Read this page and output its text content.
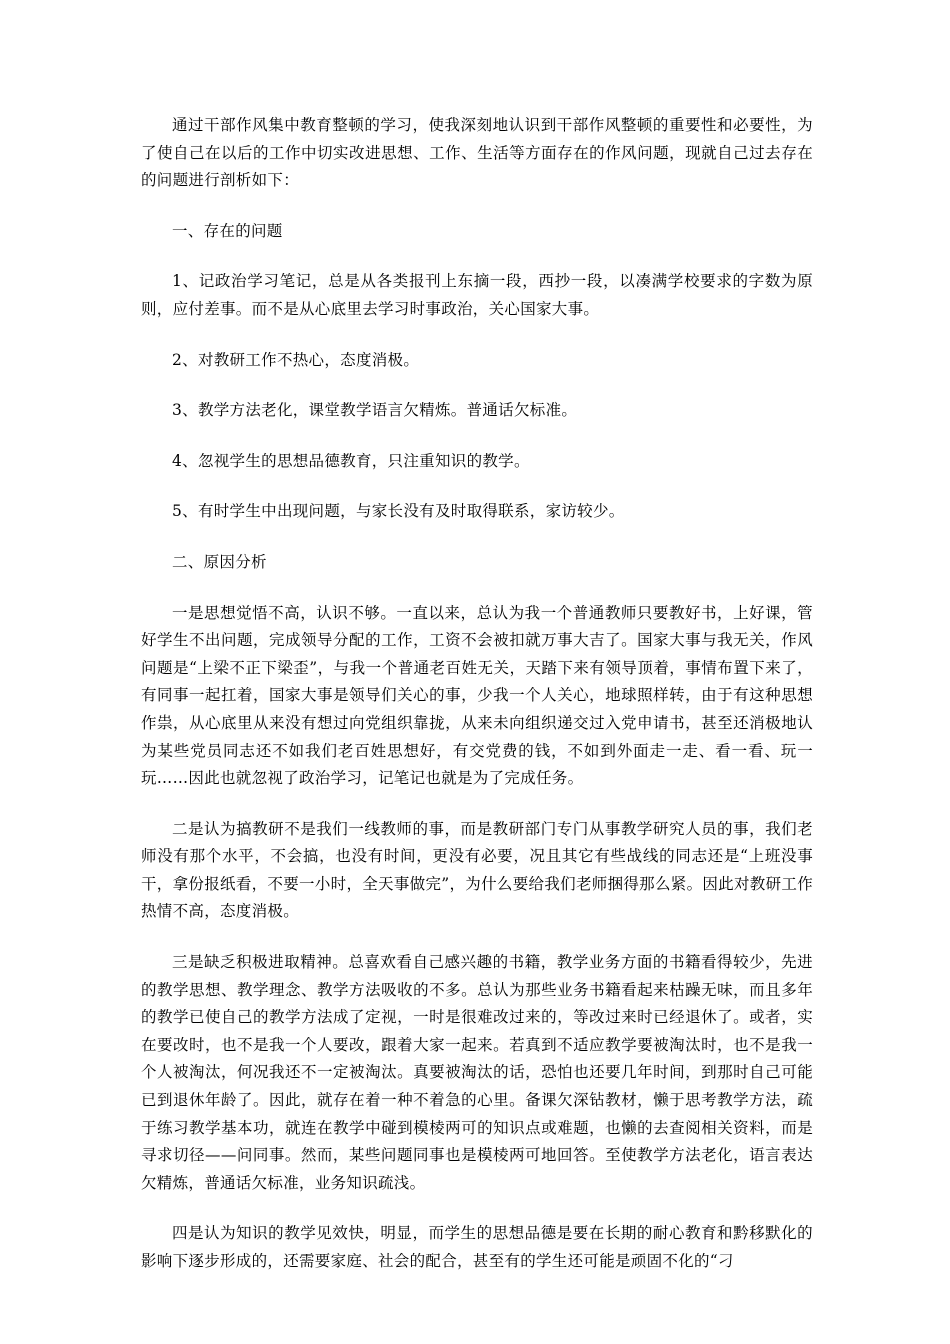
通过干部作风集中教育整顿的学习，使我深刻地认识到干部作风整顿的重要性和必要性，为了使自己在以后的工作中切实改进思想、工作、生活等方面存在的作风问题，现就自己过去存在的问题进行剖析如下：

一、存在的问题

1、记政治学习笔记，总是从各类报刊上东摘一段，西抄一段，以凑满学校要求的字数为原则，应付差事。而不是从心底里去学习时事政治，关心国家大事。

2、对教研工作不热心，态度消极。

3、教学方法老化，课堂教学语言欠精炼。普通话欠标准。

4、忽视学生的思想品德教育，只注重知识的教学。

5、有时学生中出现问题，与家长没有及时取得联系，家访较少。

二、原因分析

一是思想觉悟不高，认识不够。一直以来，总认为我一个普通教师只要教好书，上好课，管好学生不出问题，完成领导分配的工作，工资不会被扣就万事大吉了。国家大事与我无关，作风问题是“上梁不正下梁歪”，与我一个普通老百姓无关，天踏下来有领导顶着，事情布置下来了，有同事一起扛着，国家大事是领导们关心的事，少我一个人关心，地球照样转，由于有这种思想作祟，从心底里从来没有想过向党组织靠拢，从来未向组织递交过入党申请书，甚至还消极地认为某些党员同志还不如我们老百姓思想好，有交党费的钱，不如到外面走一走、看一看、玩一玩……因此也就忽视了政治学习，记笔记也就是为了完成任务。

二是认为搞教研不是我们一线教师的事，而是教研部门专门从事教学研究人员的事，我们老师没有那个水平，不会搞，也没有时间，更没有必要，况且其它有些战线的同志还是“上班没事干，拿份报纸看，不要一小时，全天事做完”，为什么要给我们老师捆得那么紧。因此对教研工作热情不高，态度消极。

三是缺乏积极进取精神。总喜欢看自己感兴趣的书籍，教学业务方面的书籍看得较少，先进的教学思想、教学理念、教学方法吸收的不多。总认为那些业务书籍看起来枯躁无味，而且多年的教学已使自己的教学方法成了定视，一时是很难改过来的，等改过来时已经退休了。或者，实在要改时，也不是我一个人要改，跟着大家一起来。若真到不适应教学要被淘汰时，也不是我一个人被淘汰，何况我还不一定被淘汰。真要被淘汰的话，恐怕也还要几年时间，到那时自己可能已到退休年龄了。因此，就存在着一种不着急的心里。备课欠深钻教材，懒于思考教学方法，疏于练习教学基本功，就连在教学中碰到模棱两可的知识点或难题，也懒的去查阅相关资料，而是寻求切径——问同事。然而，某些问题同事也是模棱两可地回答。至使教学方法老化，语言表达欠精炼，普通话欠标准，业务知识疏浅。

四是认为知识的教学见效快，明显，而学生的思想品德是要在长期的耐心教育和黔移默化的影响下逐步形成的，还需要家庭、社会的配合，甚至有的学生还可能是顽固不化的“刁
